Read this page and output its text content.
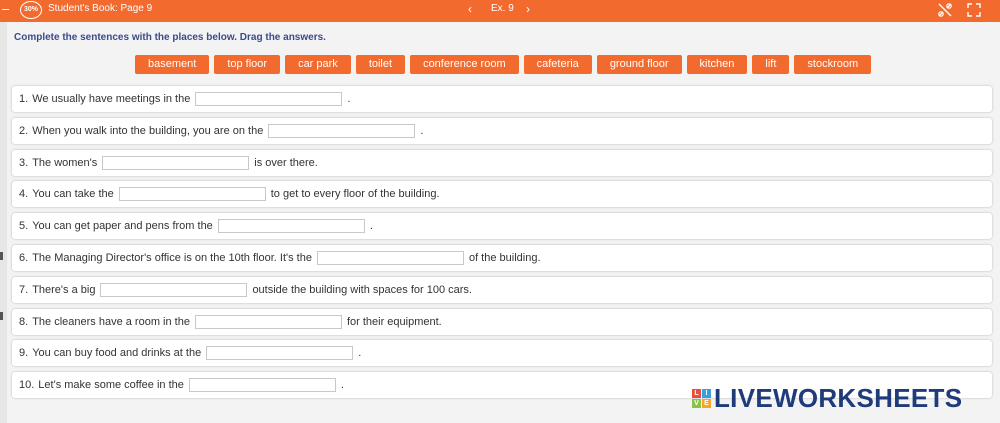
–	30%	Student's Book: Page 9	‹ Ex. 9 ›
Complete the sentences with the places below. Drag the answers.
basement	top floor	car park	toilet	conference room	cafeteria	ground floor	kitchen	lift	stockroom
1. We usually have meetings in the	.
2. When you walk into the building, you are on the	.
3. The women's	is over there.
4. You can take the	to get to every floor of the building.
5. You can get paper and pens from the	.
6. The Managing Director's office is on the 10th floor. It's the	of the building.
7. There's a big	outside the building with spaces for 100 cars.
8. The cleaners have a room in the	for their equipment.
9. You can buy food and drinks at the	.
10. Let's make some coffee in the	.
L I
V E LIVEWORKSHEETS
